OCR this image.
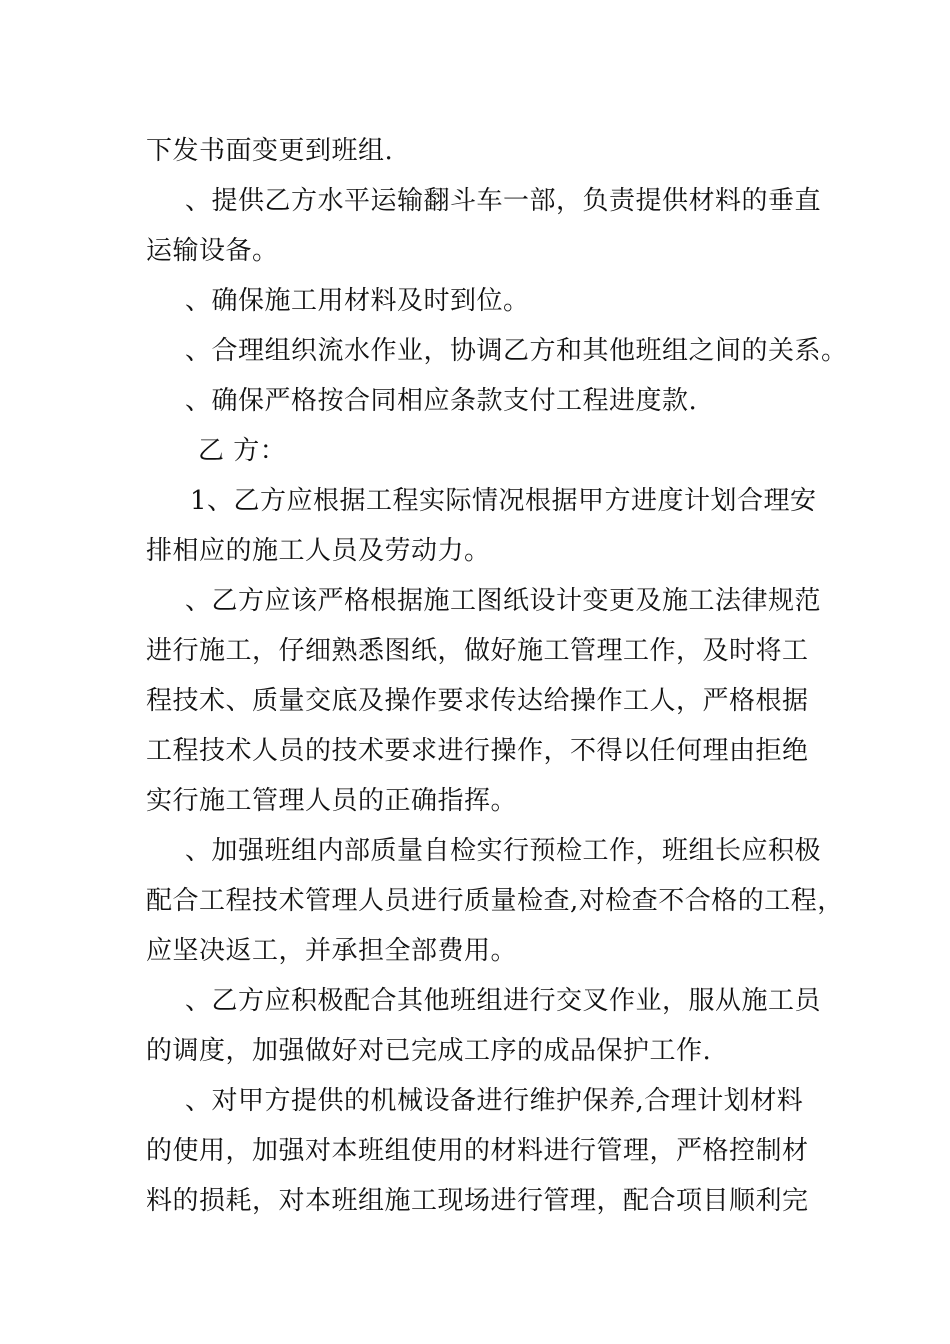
下发书面变更到班组.
、提供乙方水平运输翻斗车一部，负责提供材料的垂直
运输设备。
、确保施工用材料及时到位。
、合理组织流水作业，协调乙方和其他班组之间的关系。
、确保严格按合同相应条款支付工程进度款.
乙 方：
1、乙方应根据工程实际情况根据甲方进度计划合理安
排相应的施工人员及劳动力。
、乙方应该严格根据施工图纸设计变更及施工法律规范
进行施工，仔细熟悉图纸，做好施工管理工作，及时将工
程技术、质量交底及操作要求传达给操作工人，严格根据
工程技术人员的技术要求进行操作，不得以任何理由拒绝
实行施工管理人员的正确指挥。
、加强班组内部质量自检实行预检工作，班组长应积极
配合工程技术管理人员进行质量检查,对检查不合格的工程，
应坚决返工，并承担全部费用。
、乙方应积极配合其他班组进行交叉作业，服从施工员
的调度，加强做好对已完成工序的成品保护工作.
、对甲方提供的机械设备进行维护保养,合理计划材料
的使用，加强对本班组使用的材料进行管理，严格控制材
料的损耗，对本班组施工现场进行管理，配合项目顺利完
